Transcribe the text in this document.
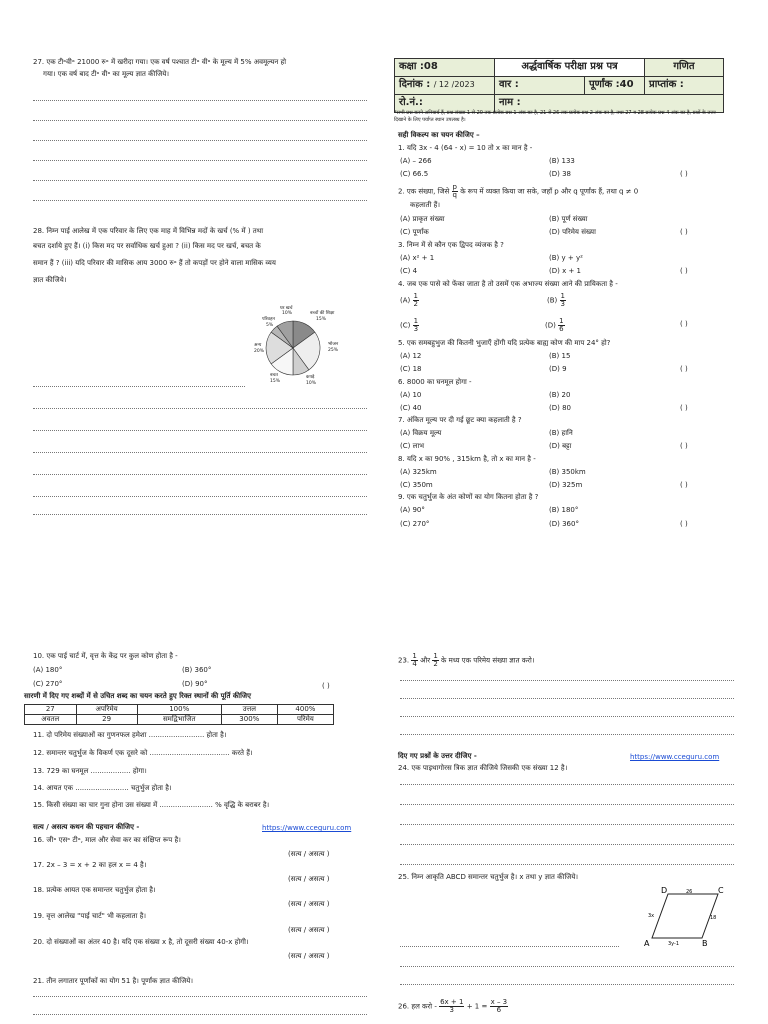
27. एक टी॰वी॰ 21000 रु॰ में खरीदा गया। एक वर्ष पश्चात टी॰ वी॰ के मूल्य में 5% अवमूल्यन हो
गया। एक वर्ष बाद टी॰ वी॰ का मूल्य ज्ञात कीजिये।
28. निम्न पाई आलेख में एक परिवार के लिए एक माह में विभिन्न मदों के खर्च (% में ) तथा
बचत दर्शाये हुए हैं। (i) किस मद पर सर्वाधिक खर्च हुआ ? (ii) किस मद पर खर्च, बचत के
समान हैं ? (iii) यदि परिवार की मासिक आय 3000 रु॰ हैं तो कपड़ों पर होने वाला मासिक व्यय
ज्ञात कीजिये।
बच्चों की शिक्षा
15%
भोजन
25%
कपड़े
10%
बचत
15%
अन्य
20%
परिवहन
5%
घर खर्च
10%
( )
कक्षा :08	अर्द्धवार्षिक परीक्षा प्रश्न पत्र		गणित
दिनांक : / 12 /2023	वार :	पूर्णांक :40	प्राप्तांक :
रो.नं.:	नाम :		
*सभी प्रश्न करने अनिवार्य हैं, प्रश्न संख्या 1 से 20 तक प्रत्येक प्रश्न 1 अंक का है, 21 से 26 तक प्रत्येक प्रश्न 2 अंक का है, तथा 27 व 28 प्रत्येक प्रश्न 4 अंक का है, प्रश्नों के उत्तर दिखाने के लिए पर्याप्त स्थान उपलब्ध है।
सही विकल्प का चयन कीजिए –
1. यदि 3x - 4 (64 - x) = 10 तो x का मान है -
(A) – 266	(B) 133
(C) 66.5	(D) 38	( )
2. एक संख्या, जिसे $\frac{p}{q}$ के रूप में व्यक्त किया जा सके, जहाँ p और q पूर्णांक हैं, तथा q ≠ 0
कहलाती हैं।
(A) प्राकृत संख्या	(B) पूर्ण संख्या
(C) पूर्णांक	(D) परिमेय संख्या	( )
3. निम्न में से कौन एक द्विपद व्यंजक है ?
(A) x² + 1	(B) y + y²
(C) 4	(D) x + 1	( )
4. जब एक पासे को फेंका जाता है तो उसमें एक अभाज्य संख्या आने की प्रायिकता है -
$(A) \frac{1}{2}$	$(B) \frac{1}{3}$
$(C) \frac{1}{3}$	$(D) \frac{1}{6}$	( )
5. एक समबहुभुज की कितनी भुजाएँ होंगी यदि प्रत्येक बाह्य कोण की माप 24° हो?
(A) 12	(B) 15
(C) 18	(D) 9	( )
6. 8000 का घनमूल होगा -
(A) 10	(B) 20
(C) 40	(D) 80	( )
7. अंकित मूल्य पर दी गई छूट क्या कहलाती है ?
(A) विक्रय मूल्य	(B) हानि
(C) लाभ	(D) बट्टा	( )
8. यदि x का 90% , 315km है, तो x का मान है -
(A) 325km	(B) 350km
(C) 350m	(D) 325m	( )
9. एक चतुर्भुज के अंत कोणों का योग कितना होता है ?
(A) 90°	(B) 180°
(C) 270°	(D) 360°	( )
10. एक पाई चार्ट में, वृत्त के केंद्र पर कुल कोण होता है -
(A) 180°	(B) 360°
(C) 270°	(D) 90°
सारणी में दिए गए शब्दों में से उचित शब्द का चयन करते हुए रिक्त स्थानों की पूर्ति कीजिए
27	अपरिमेय	100%	उत्तल	400%
अवतल	29	समद्विभाजित	300%	परिमेय
11. दो परिमेय संख्याओं का गुणनफल हमेशा ......................... होता है।
12. समान्तर चतुर्भुज के विकर्ण एक दूसरे को .................................... करते हैं।
13. 729 का घनमूल .................. होगा।
14. आयत एक ........................ चतुर्भुज होता है।
15. किसी संख्या का चार गुना होना उस संख्या में ........................ % वृद्धि के बराबर है।
सत्य / असत्य कथन की पहचान कीजिए -	https://www.cceguru.com
16. जी॰ एस॰ टी॰, माल और सेवा कर का संक्षिप्त रूप है।
(सत्य / असत्य )
17. 2x – 3 = x + 2 का हल x = 4 है।
(सत्य / असत्य )
18. प्रत्येक आयत एक समान्तर चतुर्भुज होता है।
(सत्य / असत्य )
19. वृत्त आलेख "पाई चार्ट" भी कहलाता है।
(सत्य / असत्य )
20. दो संख्याओं का अंतर 40 है। यदि एक संख्या x है, तो दूसरी संख्या 40-x होगी।
(सत्य / असत्य )
21. तीन लगातार पूर्णांकों का योग 51 है। पूर्णांक ज्ञात कीजिये।
23. $\frac{1}{4}$ और $\frac{1}{2}$ के मध्य एक परिमेय संख्या ज्ञात करो।
दिए गए प्रश्नों के उत्तर दीजिए -	https://www.cceguru.com
24. एक पाइथागोरस त्रिक ज्ञात कीजिये जिसकी एक संख्या 12 है।
25. निम्न आकृति ABCD समान्तर चतुर्भुज है। x तथा y ज्ञात कीजिये।
D	C
A	B
26
3x	18
3y-1
26. हल करो - $\frac{6x + 1}{3} + 1 = \frac{x - 3}{6}$
